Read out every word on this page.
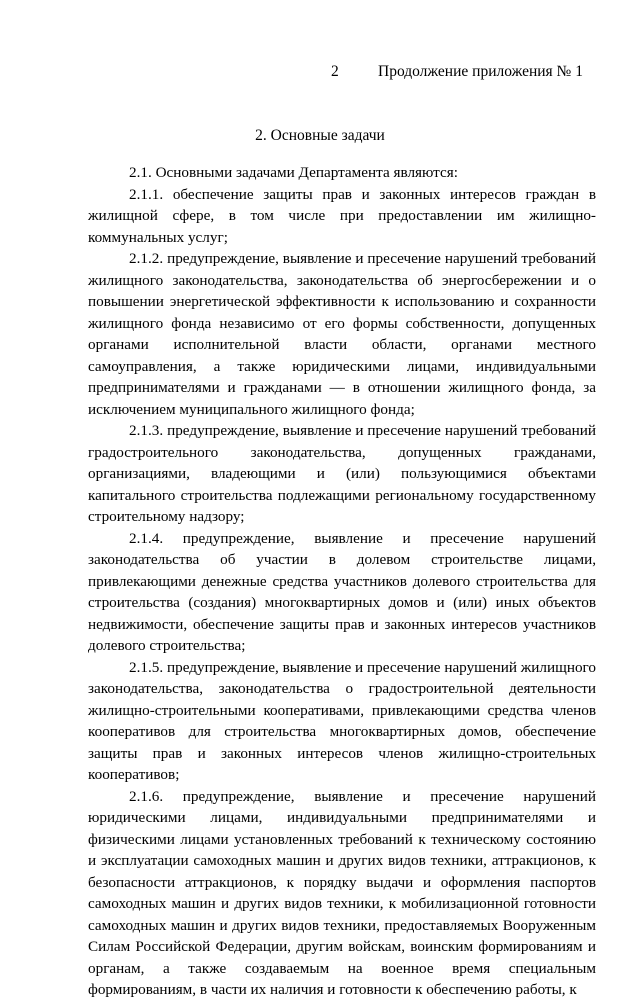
2	Продолжение приложения № 1
2. Основные задачи

2.1. Основными задачами Департамента являются:

2.1.1. обеспечение защиты прав и законных интересов граждан в жилищной сфере, в том числе при предоставлении им жилищно-коммунальных услуг;

2.1.2. предупреждение, выявление и пресечение нарушений требований жилищного законодательства, законодательства об энергосбережении и о повышении энергетической эффективности к использованию и сохранности жилищного фонда независимо от его формы собственности, допущенных органами исполнительной власти области, органами местного самоуправления, а также юридическими лицами, индивидуальными предпринимателями и гражданами — в отношении жилищного фонда, за исключением муниципального жилищного фонда;

2.1.3. предупреждение, выявление и пресечение нарушений требований градостроительного законодательства, допущенных гражданами, организациями, владеющими и (или) пользующимися объектами капитального строительства подлежащими региональному государственному строительному надзору;

2.1.4. предупреждение, выявление и пресечение нарушений законодательства об участии в долевом строительстве лицами, привлекающими денежные средства участников долевого строительства для строительства (создания) многоквартирных домов и (или) иных объектов недвижимости, обеспечение защиты прав и законных интересов участников долевого строительства;

2.1.5. предупреждение, выявление и пресечение нарушений жилищного законодательства, законодательства о градостроительной деятельности жилищно-строительными кооперативами, привлекающими средства членов кооперативов для строительства многоквартирных домов, обеспечение защиты прав и законных интересов членов жилищно-строительных кооперативов;

2.1.6. предупреждение, выявление и пресечение нарушений юридическими лицами, индивидуальными предпринимателями и физическими лицами установленных требований к техническому состоянию и эксплуатации самоходных машин и других видов техники, аттракционов, к безопасности аттракционов, к порядку выдачи и оформления паспортов самоходных машин и других видов техники, к мобилизационной готовности самоходных машин и других видов техники, предоставляемых Вооруженным Силам Российской Федерации, другим войскам, воинским формированиям и органам, а также создаваемым на военное время специальным формированиям, в части их наличия и готовности к обеспечению работы, к
